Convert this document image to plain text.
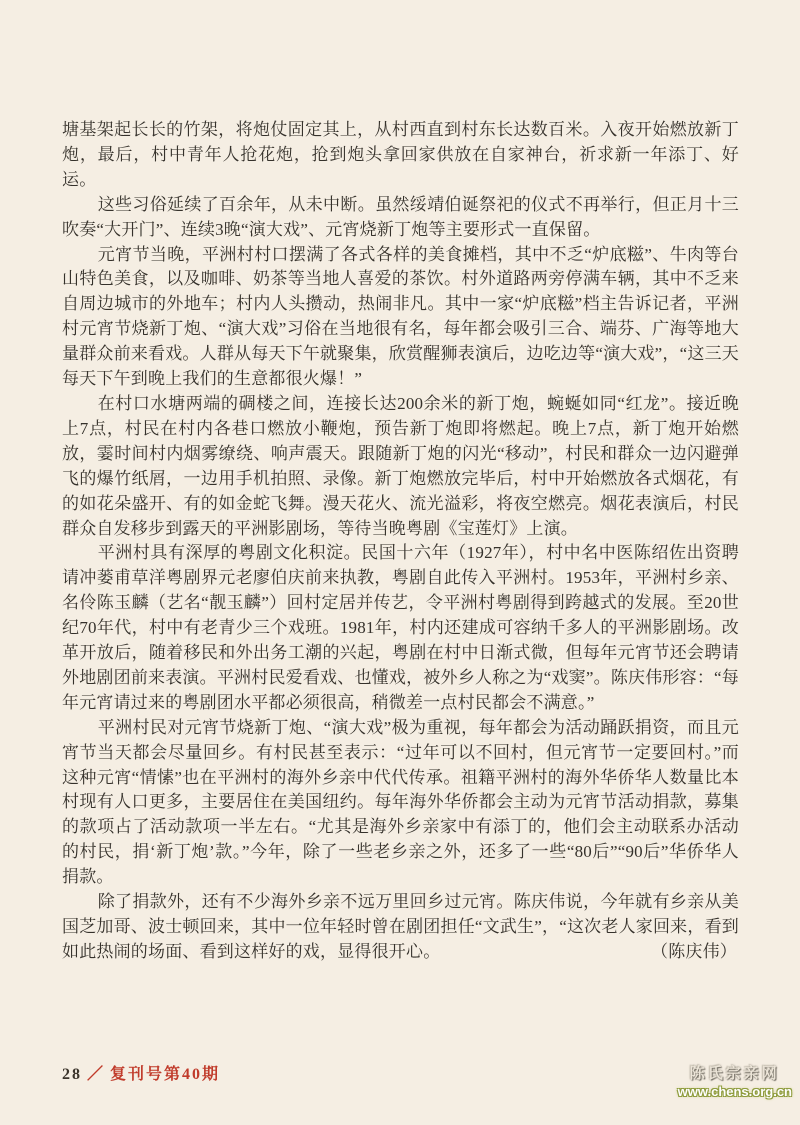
塘基架起长长的竹架，将炮仗固定其上，从村西直到村东长达数百米。入夜开始燃放新丁炮，最后，村中青年人抢花炮，抢到炮头拿回家供放在自家神台，祈求新一年添丁、好运。

这些习俗延续了百余年，从未中断。虽然绥靖伯诞祭祀的仪式不再举行，但正月十三吹奏“大开门”、连续3晚“演大戏”、元宵烧新丁炮等主要形式一直保留。

元宵节当晚，平洲村村口摆满了各式各样的美食摊档，其中不乏“炉底糍”、牛肉等台山特色美食，以及咖啡、奶茶等当地人喜爱的茶饮。村外道路两旁停满车辆，其中不乏来自周边城市的外地车；村内人头攒动，热闹非凡。其中一家“炉底糍”档主告诉记者，平洲村元宵节烧新丁炮、“演大戏”习俗在当地很有名，每年都会吸引三合、端芬、广海等地大量群众前来看戏。人群从每天下午就聚集，欣赏醒狮表演后，边吃边等“演大戏”，“这三天每天下午到晚上我们的生意都很火爆！”

在村口水塘两端的碉楼之间，连接长达200余米的新丁炮，蜿蜒如同“红龙”。接近晚上7点，村民在村内各巷口燃放小鞭炮，预告新丁炮即将燃起。晚上7点，新丁炮开始燃放，霎时间村内烟雾缭绕、响声震天。跟随新丁炮的闪光“移动”，村民和群众一边闪避弹飞的爆竹纸屑，一边用手机拍照、录像。新丁炮燃放完毕后，村中开始燃放各式烟花，有的如花朵盛开、有的如金蛇飞舞。漫天花火、流光溢彩，将夜空燃亮。烟花表演后，村民群众自发移步到露天的平洲影剧场，等待当晚粤剧《宝莲灯》上演。

平洲村具有深厚的粤剧文化积淀。民国十六年（1927年），村中名中医陈绍佐出资聘请冲蒌甫草洋粤剧界元老廖伯庆前来执教，粤剧自此传入平洲村。1953年，平洲村乡亲、名伶陈玉麟（艺名“靓玉麟”）回村定居并传艺，令平洲村粤剧得到跨越式的发展。至20世纪70年代，村中有老青少三个戏班。1981年，村内还建成可容纳千多人的平洲影剧场。改革开放后，随着移民和外出务工潮的兴起，粤剧在村中日渐式微，但每年元宵节还会聘请外地剧团前来表演。平洲村民爱看戏、也懂戏，被外乡人称之为“戏窦”。陈庆伟形容：“每年元宵请过来的粤剧团水平都必须很高，稍微差一点村民都会不满意。”

平洲村民对元宵节烧新丁炮、“演大戏”极为重视，每年都会为活动踊跃捐资，而且元宵节当天都会尽量回乡。有村民甚至表示：“过年可以不回村，但元宵节一定要回村。”而这种元宵“情愫”也在平洲村的海外乡亲中代代传承。祖籍平洲村的海外华侨华人数量比本村现有人口更多，主要居住在美国纽约。每年海外华侨都会主动为元宵节活动捐款，募集的款项占了活动款项一半左右。“尤其是海外乡亲家中有添丁的，他们会主动联系办活动的村民，捐‘新丁炮’款。”今年，除了一些老乡亲之外，还多了一些“80后”“90后”华侨华人捐款。

除了捐款外，还有不少海外乡亲不远万里回乡过元宵。陈庆伟说，今年就有乡亲从美国芝加哥、波士顿回来，其中一位年轻时曾在剧团担任“文武生”，“这次老人家回来，看到如此热闹的场面、看到这样好的戏，显得很开心。	（陈庆伟）

28 ／ 复刊号第40期	陈氏宗亲网
www.chens.org.cn
